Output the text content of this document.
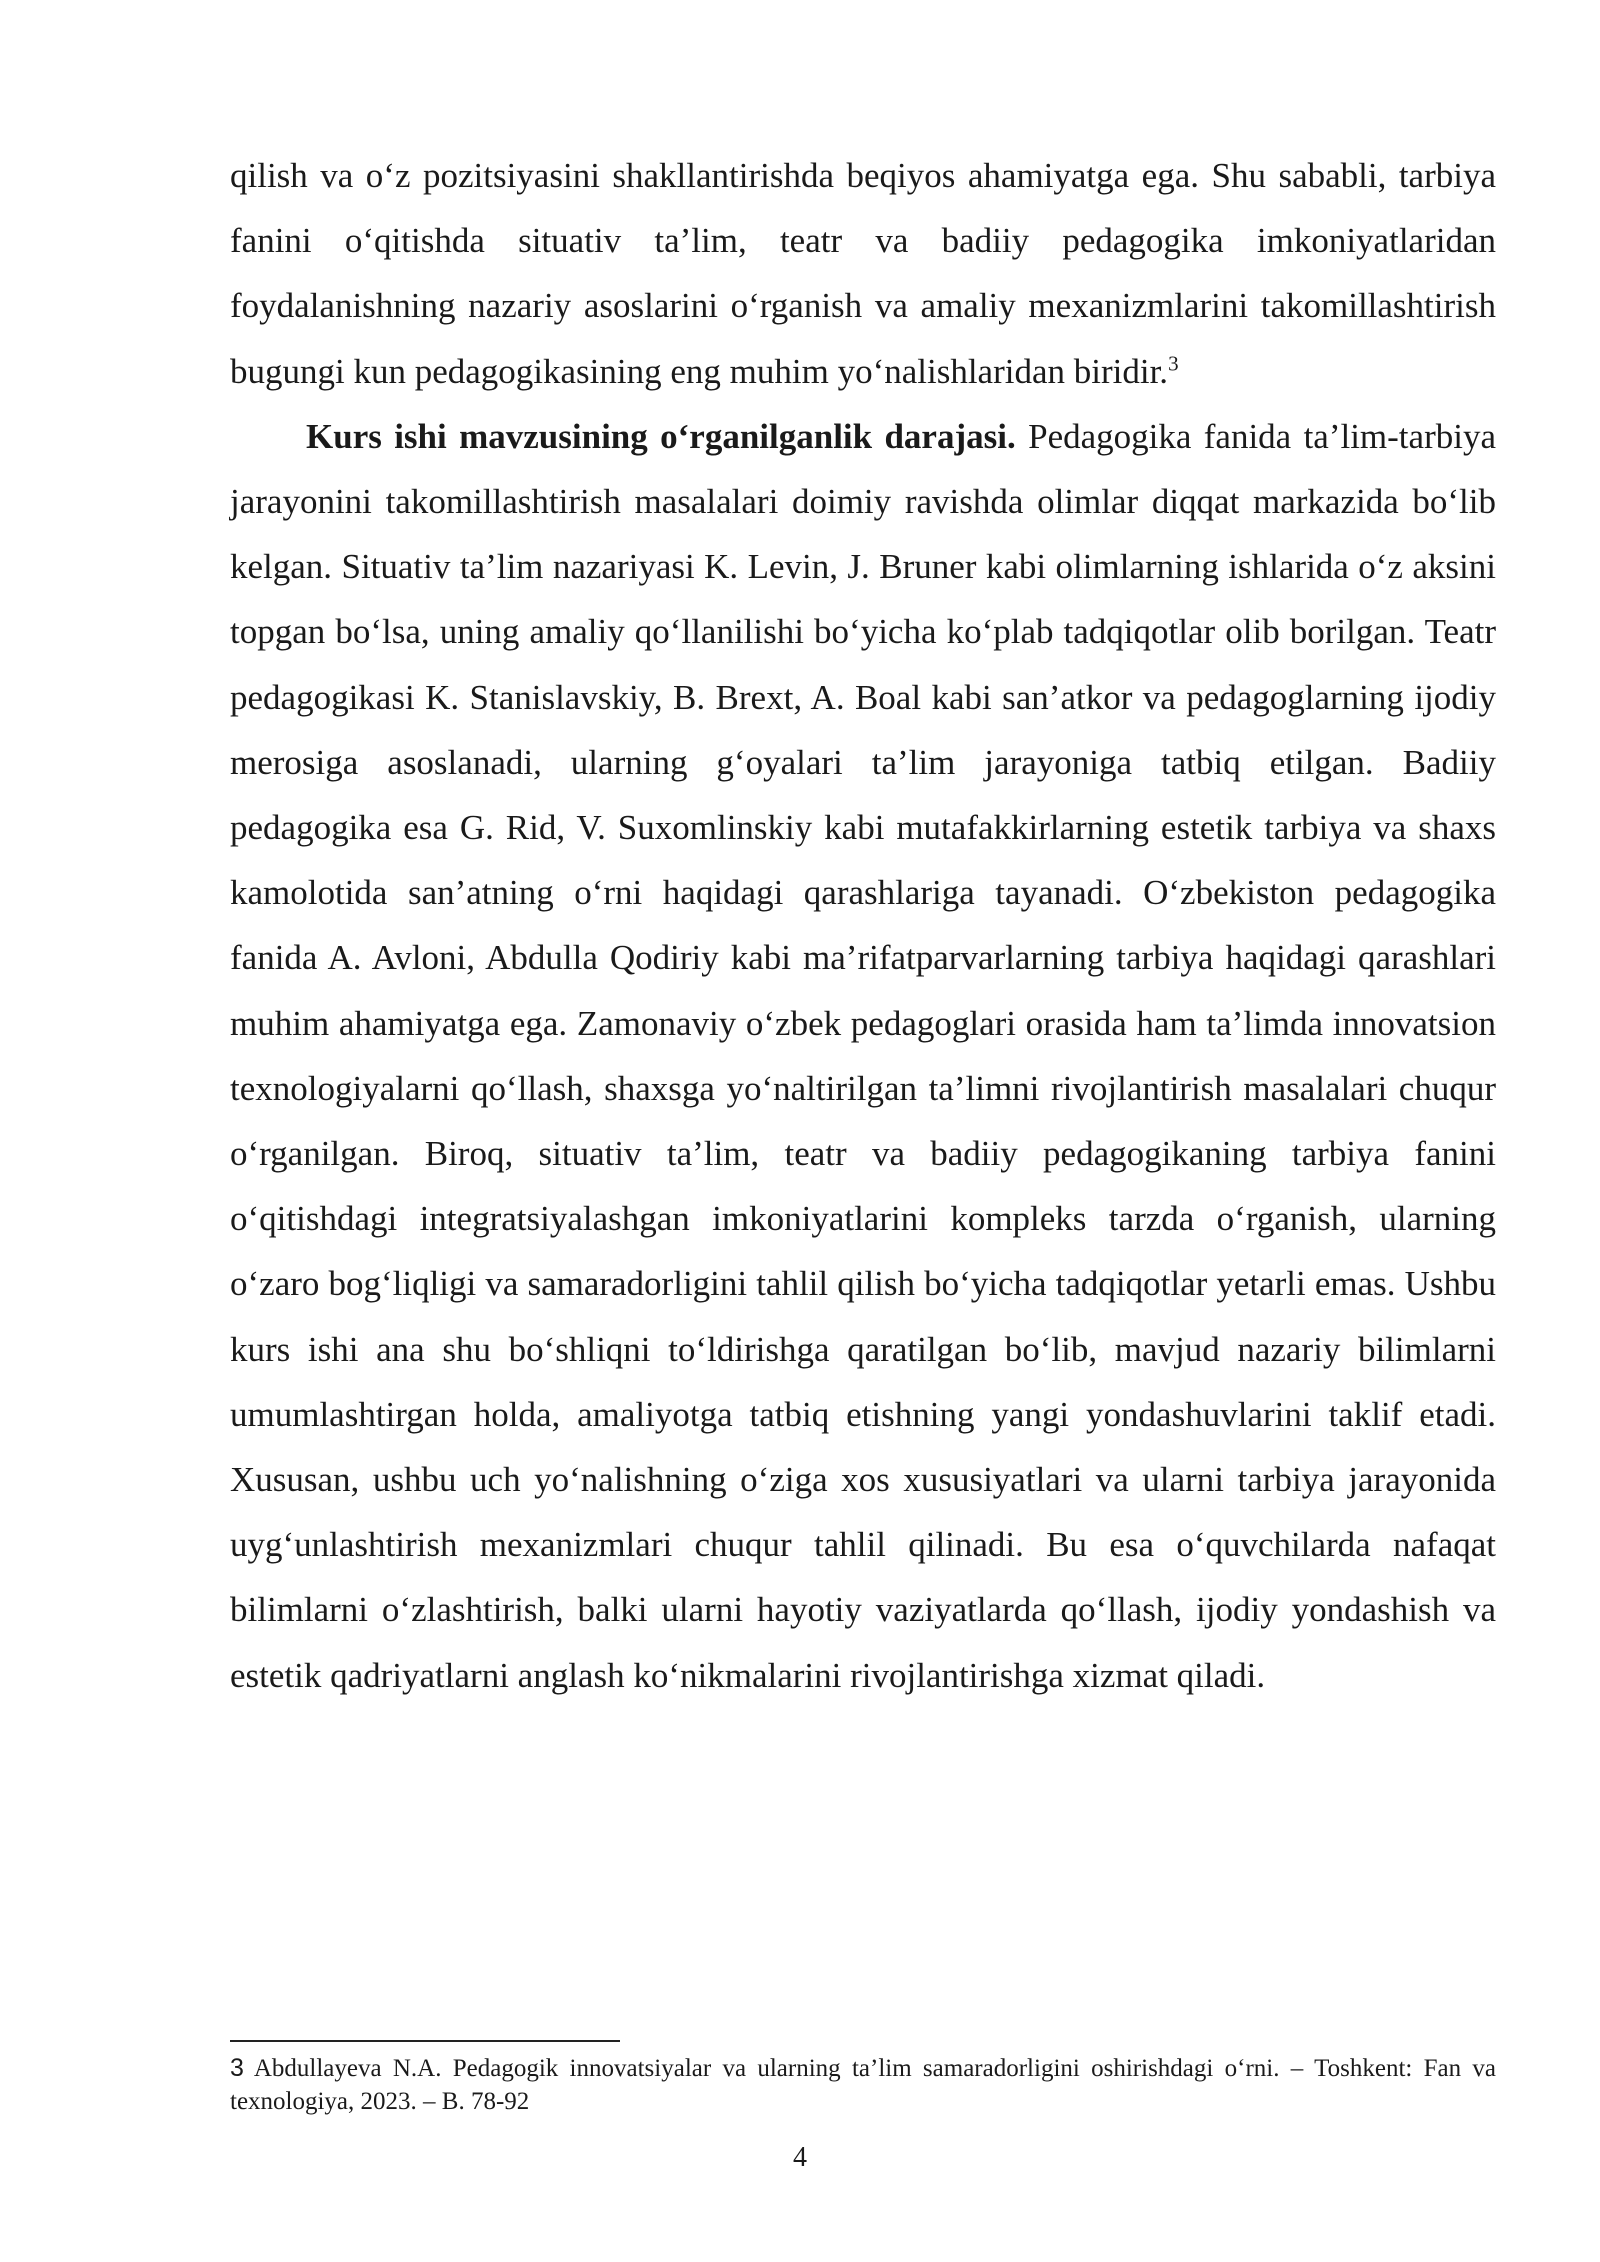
qilish va o‘z pozitsiyasini shakllantirishda beqiyos ahamiyatga ega. Shu sababli, tarbiya fanini o‘qitishda situativ ta’lim, teatr va badiiy pedagogika imkoniyatlaridan foydalanishning nazariy asoslarini o‘rganish va amaliy mexanizmlarini takomillashtirish bugungi kun pedagogikasining eng muhim yo‘nalishlaridan biridir.$^3$

Kurs ishi mavzusining o‘rganilganlik darajasi. Pedagogika fanida ta’lim-tarbiya jarayonini takomillashtirish masalalari doimiy ravishda olimlar diqqat markazida bo‘lib kelgan. Situativ ta’lim nazariyasi K. Levin, J. Bruner kabi olimlarning ishlarida o‘z aksini topgan bo‘lsa, uning amaliy qo‘llanilishi bo‘yicha ko‘plab tadqiqotlar olib borilgan. Teatr pedagogikasi K. Stanislavskiy, B. Brext, A. Boal kabi san’atkor va pedagoglarning ijodiy merosiga asoslanadi, ularning g‘oyalari ta’lim jarayoniga tatbiq etilgan. Badiiy pedagogika esa G. Rid, V. Suxomlinskiy kabi mutafakkirlarning estetik tarbiya va shaxs kamolotida san’atning o‘rni haqidagi qarashlariga tayanadi. O‘zbekiston pedagogika fanida A. Avloni, Abdulla Qodiriy kabi ma’rifatparvarlarning tarbiya haqidagi qarashlari muhim ahamiyatga ega. Zamonaviy o‘zbek pedagoglari orasida ham ta’limda innovatsion texnologiyalarni qo‘llash, shaxsga yo‘naltirilgan ta’limni rivojlantirish masalalari chuqur o‘rganilgan. Biroq, situativ ta’lim, teatr va badiiy pedagogikaning tarbiya fanini o‘qitishdagi integratsiyalashgan imkoniyatlarini kompleks tarzda o‘rganish, ularning o‘zaro bog‘liqligi va samaradorligini tahlil qilish bo‘yicha tadqiqotlar yetarli emas. Ushbu kurs ishi ana shu bo‘shliqni to‘ldirishga qaratilgan bo‘lib, mavjud nazariy bilimlarni umumlashtirgan holda, amaliyotga tatbiq etishning yangi yondashuvlarini taklif etadi. Xususan, ushbu uch yo‘nalishning o‘ziga xos xususiyatlari va ularni tarbiya jarayonida uyg‘unlashtirish mexanizmlari chuqur tahlil qilinadi. Bu esa o‘quvchilarda nafaqat bilimlarni o‘zlashtirish, balki ularni hayotiy vaziyatlarda qo‘llash, ijodiy yondashish va estetik qadriyatlarni anglash ko‘nikmalarini rivojlantirishga xizmat qiladi.

3 Abdullayeva N.A. Pedagogik innovatsiyalar va ularning ta’lim samaradorligini oshirishdagi o‘rni. – Toshkent: Fan va texnologiya, 2023. – B. 78-92
4
